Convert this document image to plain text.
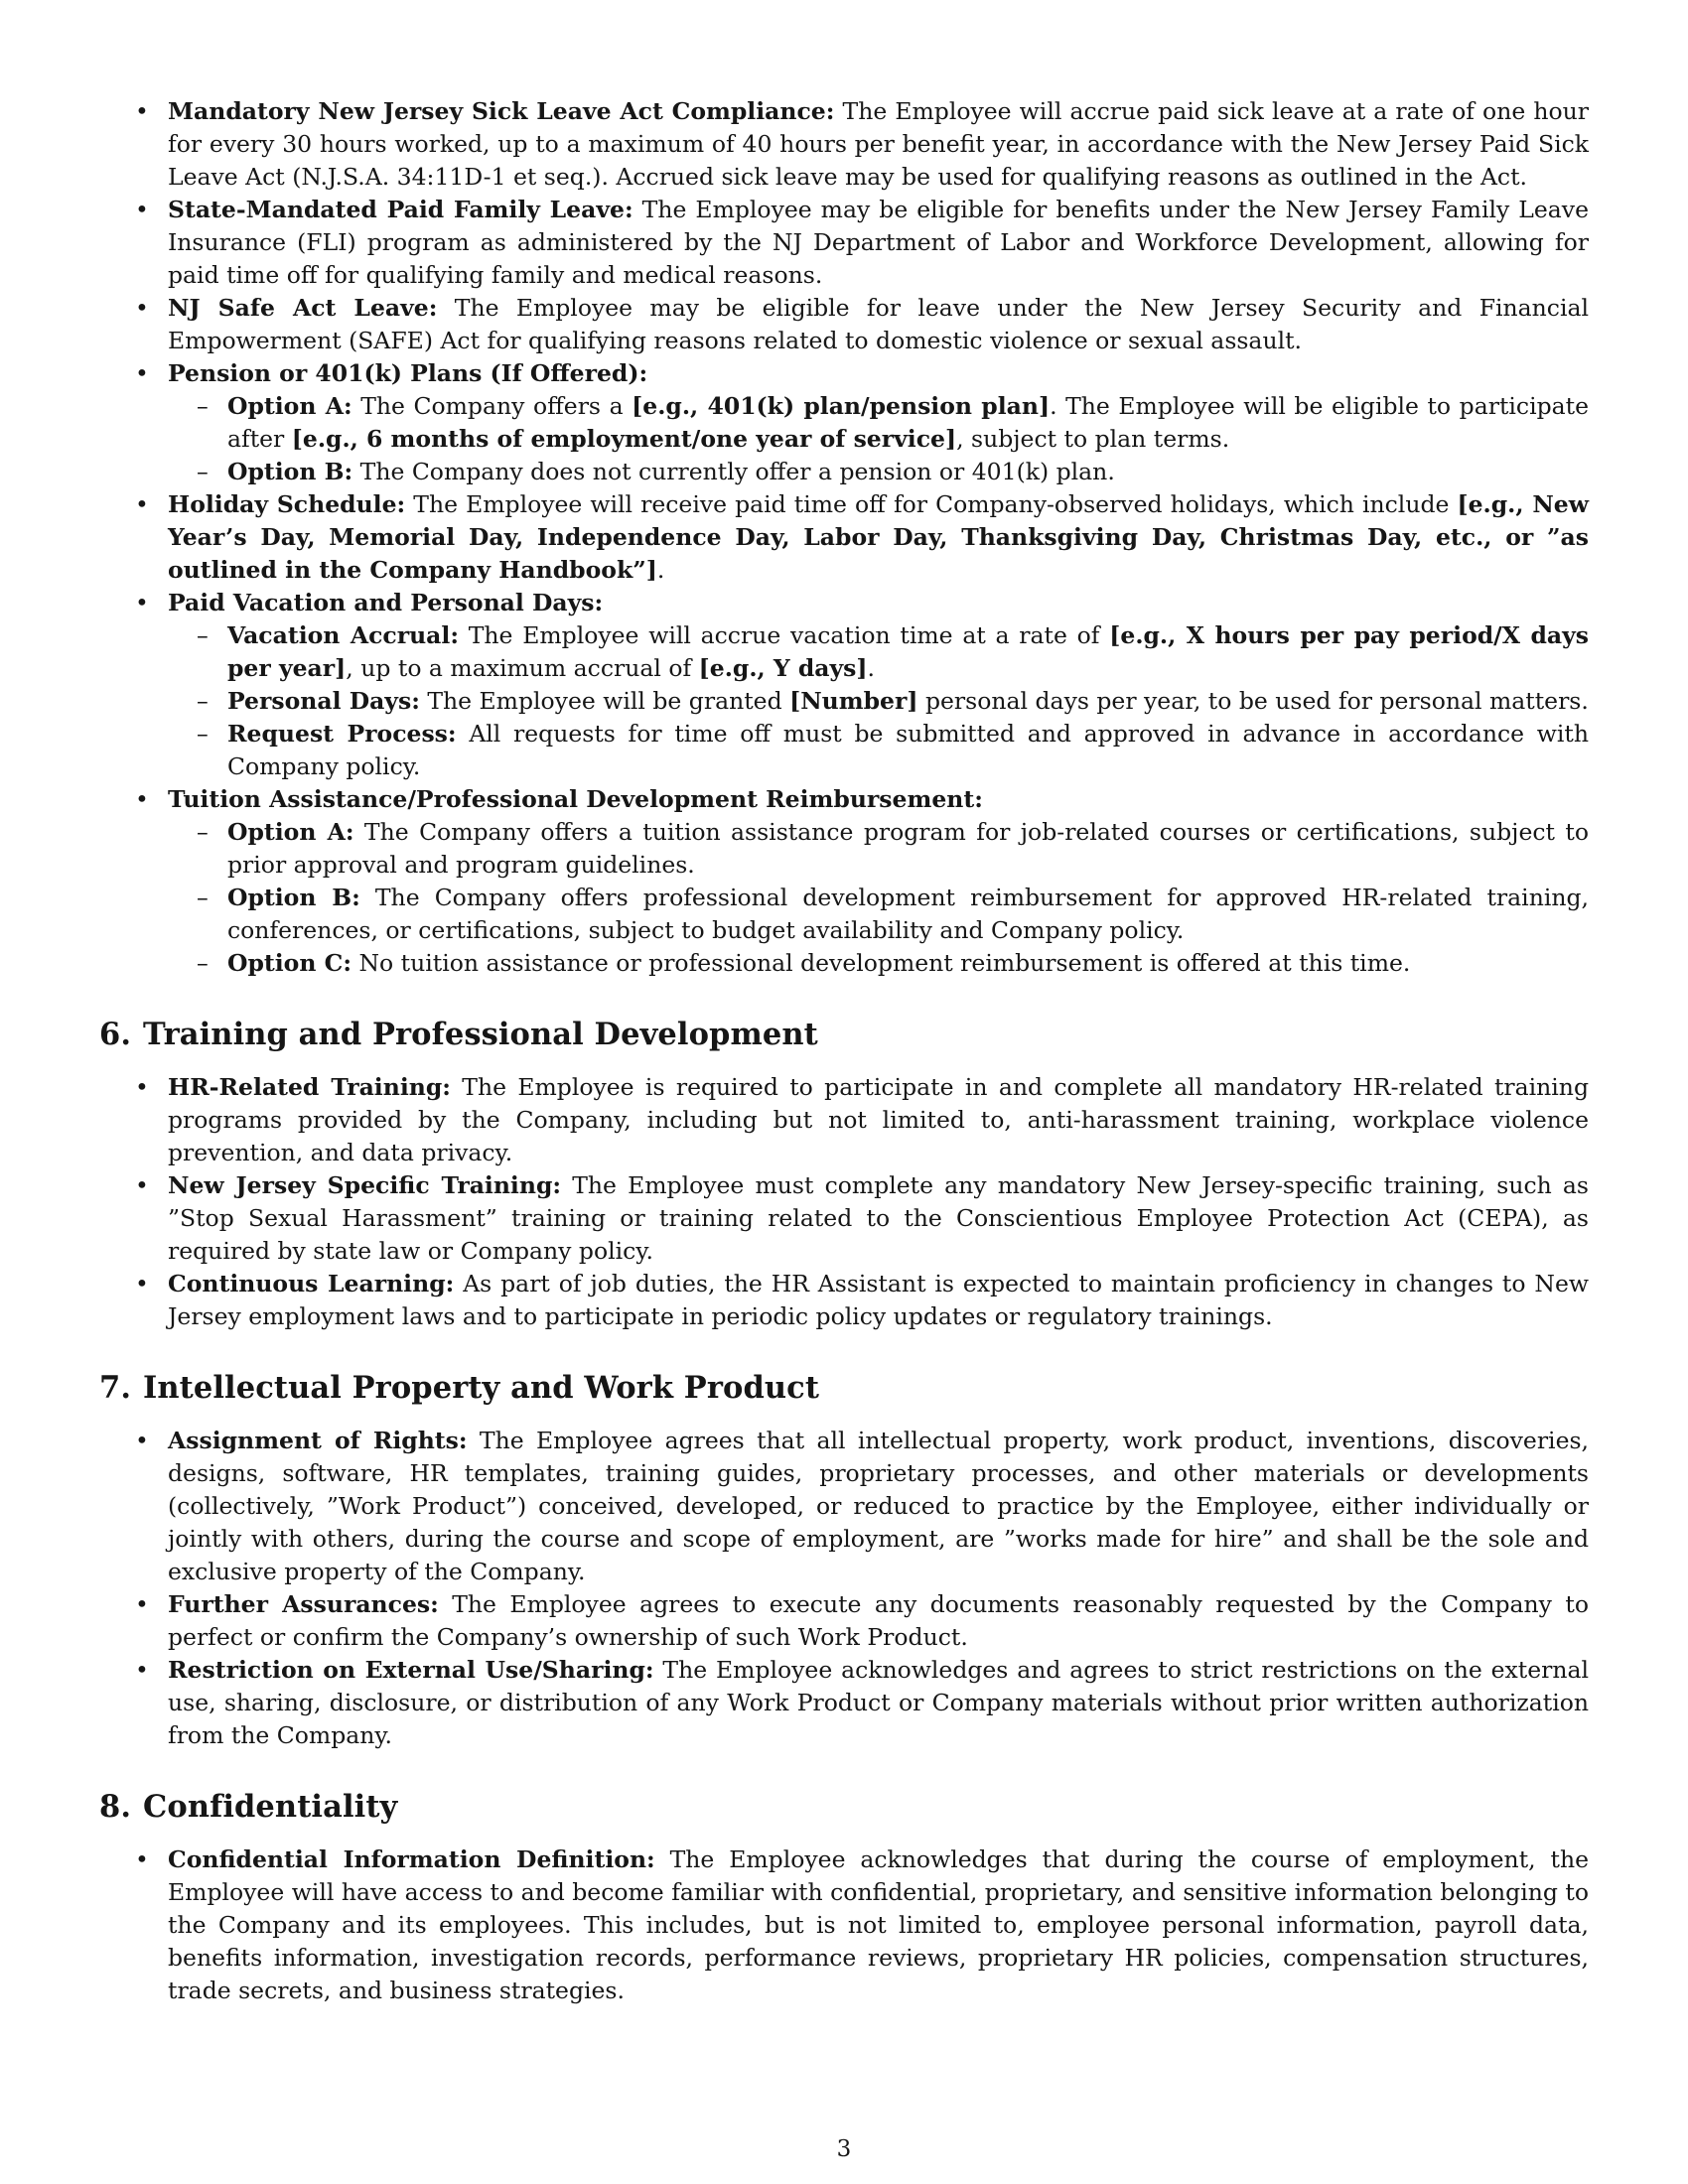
• Mandatory New Jersey Sick Leave Act Compliance: The Employee will accrue paid sick leave at a rate of one hour for every 30 hours worked, up to a maximum of 40 hours per benefit year, in accordance with the New Jersey Paid Sick Leave Act (N.J.S.A. 34:11D-1 et seq.). Accrued sick leave may be used for qualifying reasons as outlined in the Act.
• State-Mandated Paid Family Leave: The Employee may be eligible for benefits under the New Jersey Family Leave Insurance (FLI) program as administered by the NJ Department of Labor and Workforce Development, allowing for paid time off for qualifying family and medical reasons.
• NJ Safe Act Leave: The Employee may be eligible for leave under the New Jersey Security and Financial Empowerment (SAFE) Act for qualifying reasons related to domestic violence or sexual assault.
• Pension or 401(k) Plans (If Offered):
– Option A: The Company offers a [e.g., 401(k) plan/pension plan]. The Employee will be eligible to participate after [e.g., 6 months of employment/one year of service], subject to plan terms.
– Option B: The Company does not currently offer a pension or 401(k) plan.
• Holiday Schedule: The Employee will receive paid time off for Company-observed holidays, which include [e.g., New Year’s Day, Memorial Day, Independence Day, Labor Day, Thanksgiving Day, Christmas Day, etc., or ”as outlined in the Company Handbook”].
• Paid Vacation and Personal Days:
– Vacation Accrual: The Employee will accrue vacation time at a rate of [e.g., X hours per pay period/X days per year], up to a maximum accrual of [e.g., Y days].
– Personal Days: The Employee will be granted [Number] personal days per year, to be used for personal matters.
– Request Process: All requests for time off must be submitted and approved in advance in accordance with Company policy.
• Tuition Assistance/Professional Development Reimbursement:
– Option A: The Company offers a tuition assistance program for job-related courses or certifications, subject to prior approval and program guidelines.
– Option B: The Company offers professional development reimbursement for approved HR-related training, conferences, or certifications, subject to budget availability and Company policy.
– Option C: No tuition assistance or professional development reimbursement is offered at this time.
6. Training and Professional Development
• HR-Related Training: The Employee is required to participate in and complete all mandatory HR-related training programs provided by the Company, including but not limited to, anti-harassment training, workplace violence prevention, and data privacy.
• New Jersey Specific Training: The Employee must complete any mandatory New Jersey-specific training, such as ”Stop Sexual Harassment” training or training related to the Conscientious Employee Protection Act (CEPA), as required by state law or Company policy.
• Continuous Learning: As part of job duties, the HR Assistant is expected to maintain proficiency in changes to New Jersey employment laws and to participate in periodic policy updates or regulatory trainings.
7. Intellectual Property and Work Product
• Assignment of Rights: The Employee agrees that all intellectual property, work product, inventions, discoveries, designs, software, HR templates, training guides, proprietary processes, and other materials or developments (collectively, ”Work Product”) conceived, developed, or reduced to practice by the Employee, either individually or jointly with others, during the course and scope of employment, are ”works made for hire” and shall be the sole and exclusive property of the Company.
• Further Assurances: The Employee agrees to execute any documents reasonably requested by the Company to perfect or confirm the Company’s ownership of such Work Product.
• Restriction on External Use/Sharing: The Employee acknowledges and agrees to strict restrictions on the external use, sharing, disclosure, or distribution of any Work Product or Company materials without prior written authorization from the Company.
8. Confidentiality
• Confidential Information Definition: The Employee acknowledges that during the course of employment, the Employee will have access to and become familiar with confidential, proprietary, and sensitive information belonging to the Company and its employees. This includes, but is not limited to, employee personal information, payroll data, benefits information, investigation records, performance reviews, proprietary HR policies, compensation structures, trade secrets, and business strategies.
3
